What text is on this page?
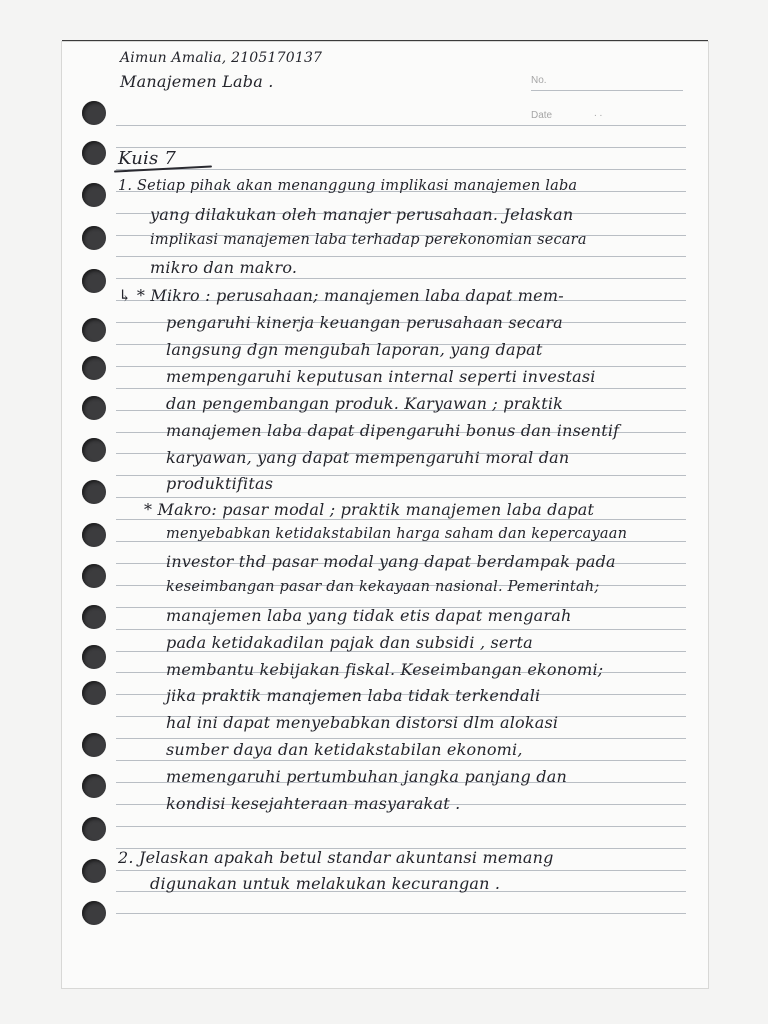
Aimun Amalia, 2105170137
Manajemen Laba .	No.
Date	. .
Kuis 7
1. Setiap pihak akan menanggung implikasi manajemen laba
yang dilakukan oleh manajer perusahaan. Jelaskan
implikasi manajemen laba terhadap perekonomian secara
mikro dan makro.
↳ * Mikro : perusahaan; manajemen laba dapat mem-
pengaruhi kinerja keuangan perusahaan secara
langsung dgn mengubah laporan, yang dapat
mempengaruhi keputusan internal seperti investasi
dan pengembangan produk. Karyawan ; praktik
manajemen laba dapat dipengaruhi bonus dan insentif
karyawan, yang dapat mempengaruhi moral dan
produktifitas
* Makro: pasar modal ; praktik manajemen laba dapat
menyebabkan ketidakstabilan harga saham dan kepercayaan
investor thd pasar modal yang dapat berdampak pada
keseimbangan pasar dan kekayaan nasional. Pemerintah;
manajemen laba yang tidak etis dapat mengarah
pada ketidakadilan pajak dan subsidi , serta
membantu kebijakan fiskal. Keseimbangan ekonomi;
jika praktik manajemen laba tidak terkendali
hal ini dapat menyebabkan distorsi dlm alokasi
sumber daya dan ketidakstabilan ekonomi,
memengaruhi pertumbuhan jangka panjang dan
kondisi kesejahteraan masyarakat .
2. Jelaskan apakah betul standar akuntansi memang
digunakan untuk melakukan kecurangan .
